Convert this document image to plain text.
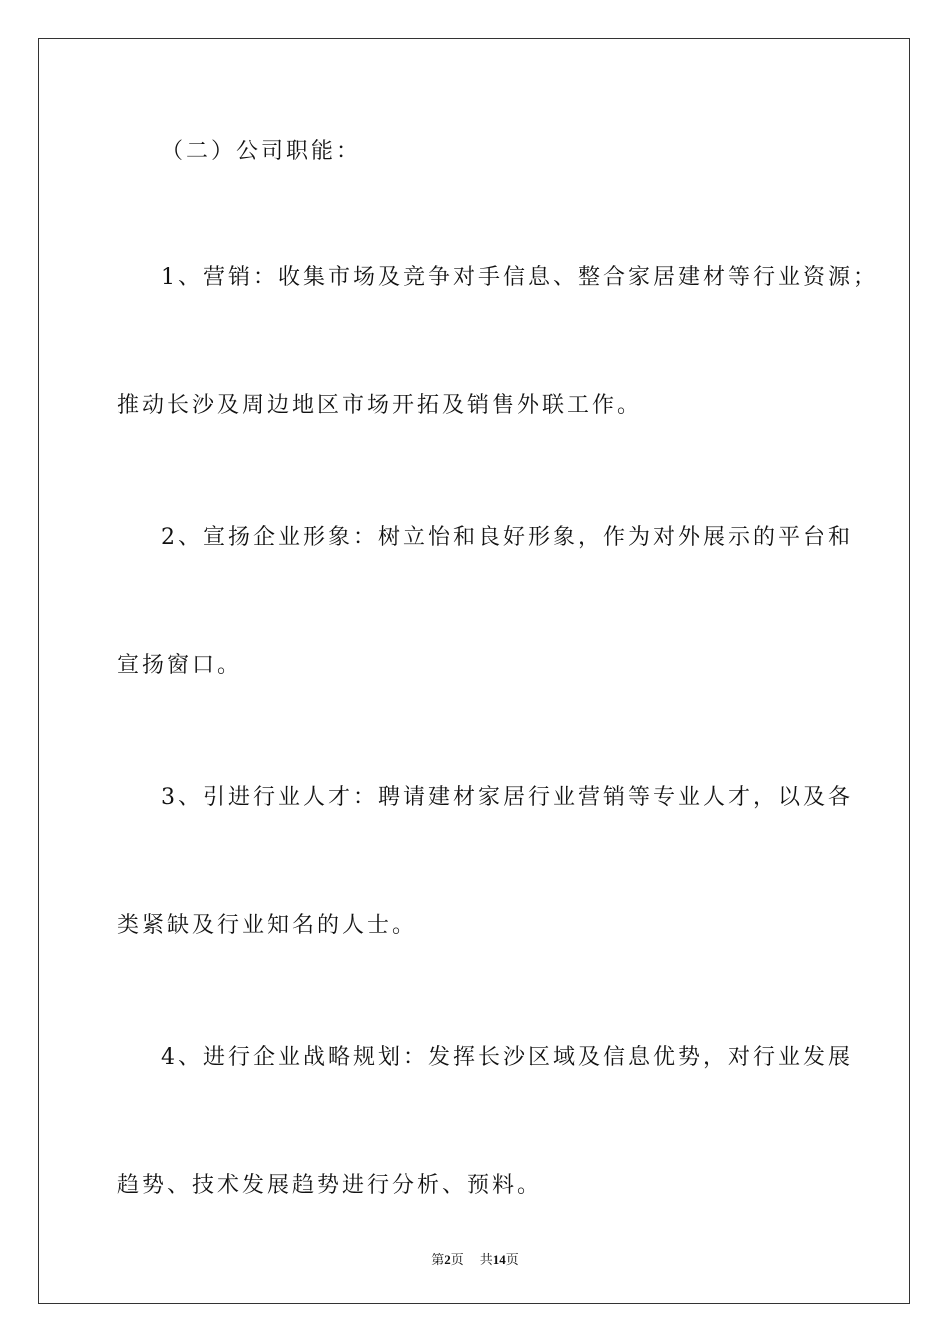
（二）公司职能：
1、营销：收集市场及竞争对手信息、整合家居建材等行业资源；
推动长沙及周边地区市场开拓及销售外联工作。
2、宣扬企业形象：树立怡和良好形象，作为对外展示的平台和
宣扬窗口。
3、引进行业人才：聘请建材家居行业营销等专业人才，以及各
类紧缺及行业知名的人士。
4、进行企业战略规划：发挥长沙区域及信息优势，对行业发展
趋势、技术发展趋势进行分析、预料。
第2页 共14页
